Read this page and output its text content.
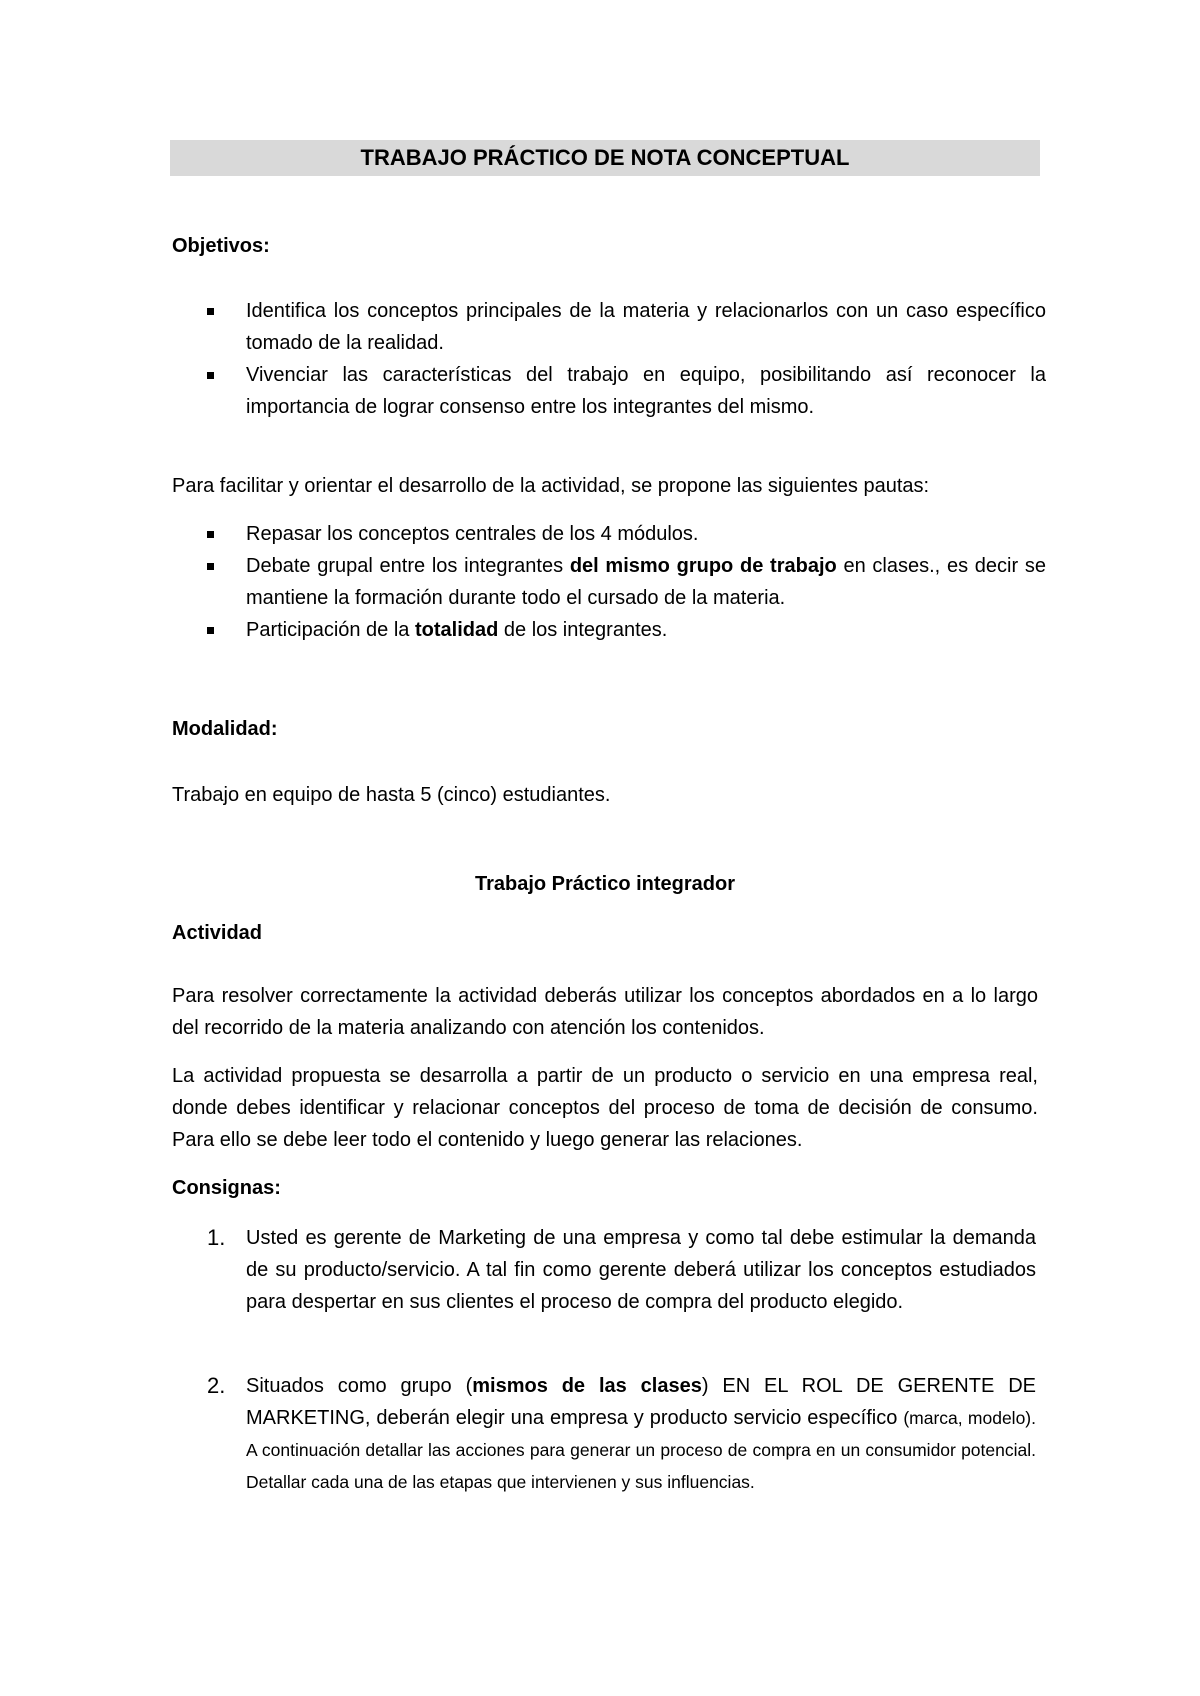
TRABAJO PRÁCTICO DE NOTA CONCEPTUAL
Objetivos:
Identifica los conceptos principales de la materia y relacionarlos con un caso específico tomado de la realidad.
Vivenciar las características del trabajo en equipo, posibilitando así reconocer la importancia de lograr consenso entre los integrantes del mismo.
Para facilitar y orientar el desarrollo de la actividad, se propone las siguientes pautas:
Repasar los conceptos centrales de los 4 módulos.
Debate grupal entre los integrantes del mismo grupo de trabajo en clases., es decir se mantiene la formación durante todo el cursado de la materia.
Participación de la totalidad de los integrantes.
Modalidad:
Trabajo en equipo de hasta 5 (cinco) estudiantes.
Trabajo Práctico integrador
Actividad
Para resolver correctamente la actividad deberás utilizar los conceptos abordados en a lo largo del recorrido de la materia analizando con atención los contenidos.
La actividad propuesta se desarrolla a partir de un producto o servicio en una empresa real, donde debes identificar y relacionar conceptos del proceso de toma de decisión de consumo. Para ello se debe leer todo el contenido y luego generar las relaciones.
Consignas:
1. Usted es gerente de Marketing de una empresa y como tal debe estimular la demanda de su producto/servicio. A tal fin como gerente deberá utilizar los conceptos estudiados para despertar en sus clientes el proceso de compra del producto elegido.
2. Situados como grupo (mismos de las clases) EN EL ROL DE GERENTE DE MARKETING, deberán elegir una empresa y producto servicio específico (marca, modelo). A continuación detallar las acciones para generar un proceso de compra en un consumidor potencial. Detallar cada una de las etapas que intervienen y sus influencias.
